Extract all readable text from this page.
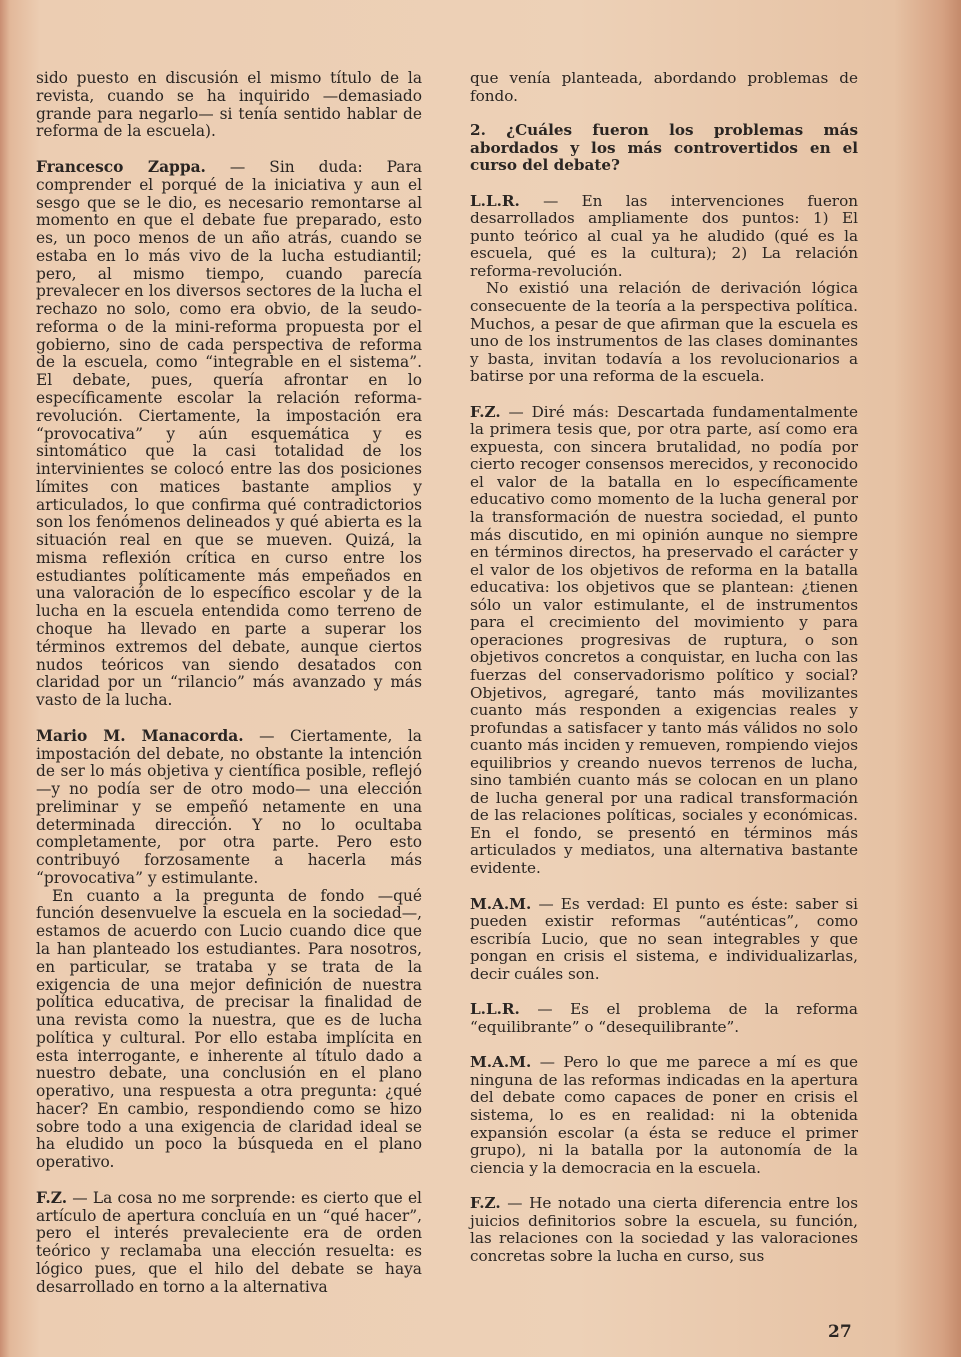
sido puesto en discusión el mismo título de la revista, cuando se ha inquirido —demasiado grande para negarlo— si tenía sentido hablar de reforma de la escuela).

Francesco Zappa. — Sin duda: Para comprender el porqué de la iniciativa y aun el sesgo que se le dio, es necesario remontarse al momento en que el debate fue preparado, esto es, un poco menos de un año atrás, cuando se estaba en lo más vivo de la lucha estudiantil; pero, al mismo tiempo, cuando parecía prevalecer en los diversos sectores de la lucha el rechazo no solo, como era obvio, de la seudo-reforma o de la mini-reforma propuesta por el gobierno, sino de cada perspectiva de reforma de la escuela, como “integrable en el sistema”. El debate, pues, quería afrontar en lo específicamente escolar la relación reforma-revolución. Ciertamente, la impostación era “provocativa” y aún esquemática y es sintomático que la casi totalidad de los intervinientes se colocó entre las dos posiciones límites con matices bastante amplios y articulados, lo que confirma qué contradictorios son los fenómenos delineados y qué abierta es la situación real en que se mueven. Quizá, la misma reflexión crítica en curso entre los estudiantes políticamente más empeñados en una valoración de lo específico escolar y de la lucha en la escuela entendida como terreno de choque ha llevado en parte a superar los términos extremos del debate, aunque ciertos nudos teóricos van siendo desatados con claridad por un “rilancio” más avanzado y más vasto de la lucha.

Mario M. Manacorda. — Ciertamente, la impostación del debate, no obstante la intención de ser lo más objetiva y científica posible, reflejó —y no podía ser de otro modo— una elección preliminar y se empeñó netamente en una determinada dirección. Y no lo ocultaba completamente, por otra parte. Pero esto contribuyó forzosamente a hacerla más “provocativa” y estimulante.

En cuanto a la pregunta de fondo —qué función desenvuelve la escuela en la sociedad—, estamos de acuerdo con Lucio cuando dice que la han planteado los estudiantes. Para nosotros, en particular, se trataba y se trata de la exigencia de una mejor definición de nuestra política educativa, de precisar la finalidad de una revista como la nuestra, que es de lucha política y cultural. Por ello estaba implícita en esta interrogante, e inherente al título dado a nuestro debate, una conclusión en el plano operativo, una respuesta a otra pregunta: ¿qué hacer? En cambio, respondiendo como se hizo sobre todo a una exigencia de claridad ideal se ha eludido un poco la búsqueda en el plano operativo.

F.Z. — La cosa no me sorprende: es cierto que el artículo de apertura concluía en un “qué hacer”, pero el interés prevaleciente era de orden teórico y reclamaba una elección resuelta: es lógico pues, que el hilo del debate se haya desarrollado en torno a la alternativa

que venía planteada, abordando problemas de fondo.

2. ¿Cuáles fueron los problemas más abordados y los más controvertidos en el curso del debate?

L.L.R. — En las intervenciones fueron desarrollados ampliamente dos puntos: 1) El punto teórico al cual ya he aludido (qué es la escuela, qué es la cultura); 2) La relación reforma-revolución.

No existió una relación de derivación lógica consecuente de la teoría a la perspectiva política. Muchos, a pesar de que afirman que la escuela es uno de los instrumentos de las clases dominantes y basta, invitan todavía a los revolucionarios a batirse por una reforma de la escuela.

F.Z. — Diré más: Descartada fundamentalmente la primera tesis que, por otra parte, así como era expuesta, con sincera brutalidad, no podía por cierto recoger consensos merecidos, y reconocido el valor de la batalla en lo específicamente educativo como momento de la lucha general por la transformación de nuestra sociedad, el punto más discutido, en mi opinión aunque no siempre en términos directos, ha preservado el carácter y el valor de los objetivos de reforma en la batalla educativa: los objetivos que se plantean: ¿tienen sólo un valor estimulante, el de instrumentos para el crecimiento del movimiento y para operaciones progresivas de ruptura, o son objetivos concretos a conquistar, en lucha con las fuerzas del conservadorismo político y social? Objetivos, agregaré, tanto más movilizantes cuanto más responden a exigencias reales y profundas a satisfacer y tanto más válidos no solo cuanto más inciden y remueven, rompiendo viejos equilibrios y creando nuevos terrenos de lucha, sino también cuanto más se colocan en un plano de lucha general por una radical transformación de las relaciones políticas, sociales y económicas. En el fondo, se presentó en términos más articulados y mediatos, una alternativa bastante evidente.

M.A.M. — Es verdad: El punto es éste: saber si pueden existir reformas “auténticas”, como escribía Lucio, que no sean integrables y que pongan en crisis el sistema, e individualizarlas, decir cuáles son.

L.L.R. — Es el problema de la reforma “equilibrante” o “desequilibrante”.

M.A.M. — Pero lo que me parece a mí es que ninguna de las reformas indicadas en la apertura del debate como capaces de poner en crisis el sistema, lo es en realidad: ni la obtenida expansión escolar (a ésta se reduce el primer grupo), ni la batalla por la autonomía de la ciencia y la democracia en la escuela.

F.Z. — He notado una cierta diferencia entre los juicios definitorios sobre la escuela, su función, las relaciones con la sociedad y las valoraciones concretas sobre la lucha en curso, sus

27
